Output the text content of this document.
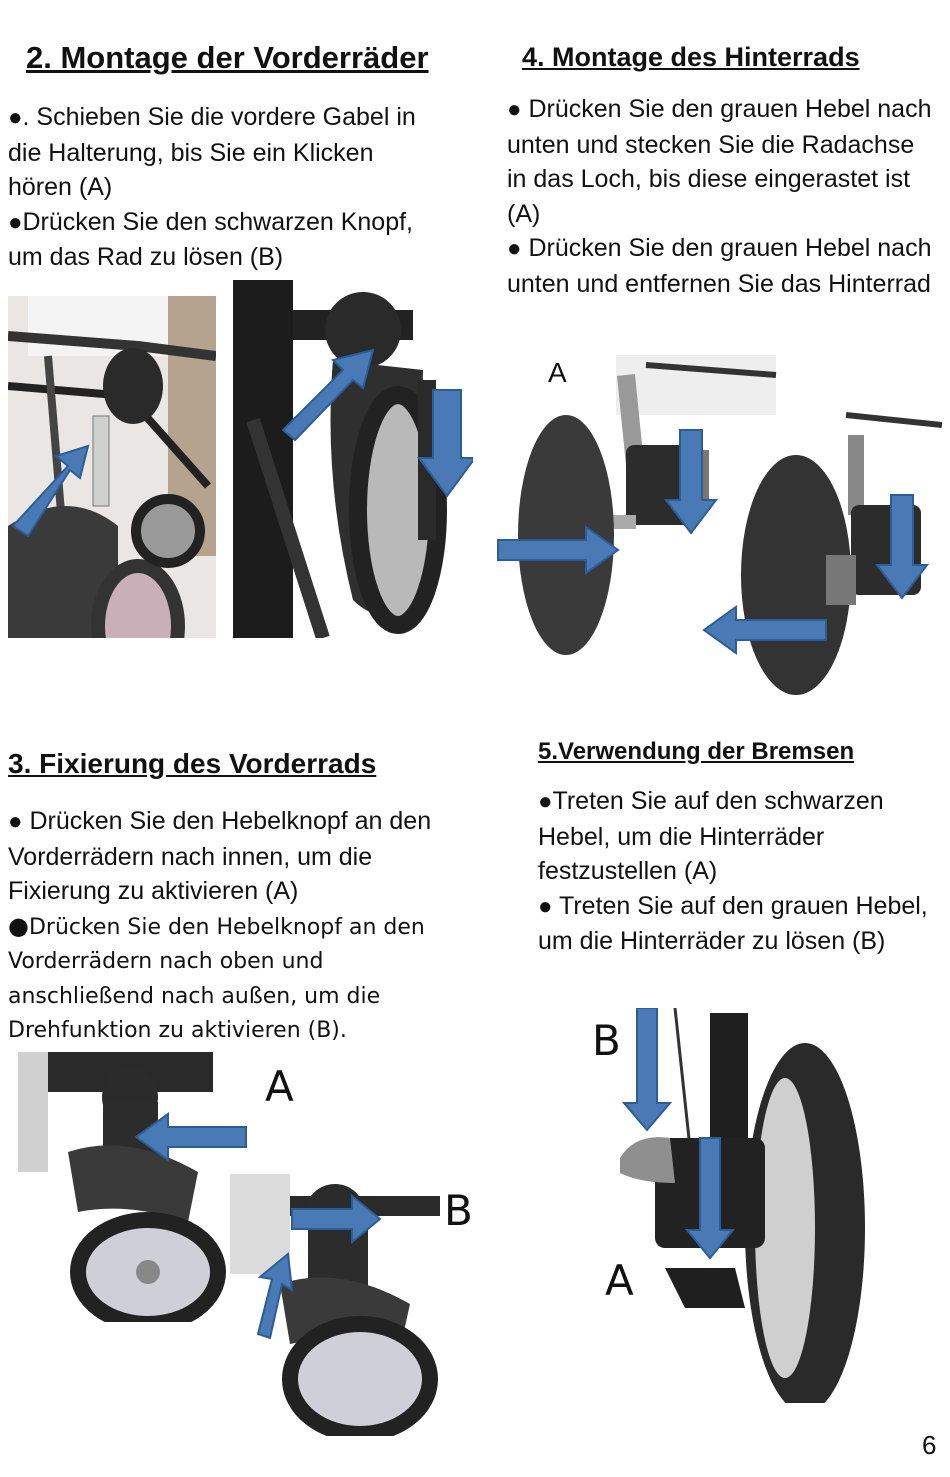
2. Montage der Vorderräder

●. Schieben Sie die vordere Gabel in die Halterung, bis Sie ein Klicken hören (A)

●Drücken Sie den schwarzen Knopf, um das Rad zu lösen (B)

4. Montage des Hinterrads

● Drücken Sie den grauen Hebel nach unten und stecken Sie die Radachse in das Loch, bis diese eingerastet ist (A)

● Drücken Sie den grauen Hebel nach unten und entfernen Sie das Hinterrad

A
3. Fixierung des Vorderrads

● Drücken Sie den Hebelknopf an den Vorderrädern nach innen, um die Fixierung zu aktivieren (A)

●Drücken Sie den Hebelknopf an den Vorderrädern nach oben und anschließend nach außen, um die Drehfunktion zu aktivieren (B).

A
B
5.Verwendung der Bremsen

●Treten Sie auf den schwarzen Hebel, um die Hinterräder festzustellen (A)

● Treten Sie auf den grauen Hebel, um die Hinterräder zu lösen (B)

B
A
6
